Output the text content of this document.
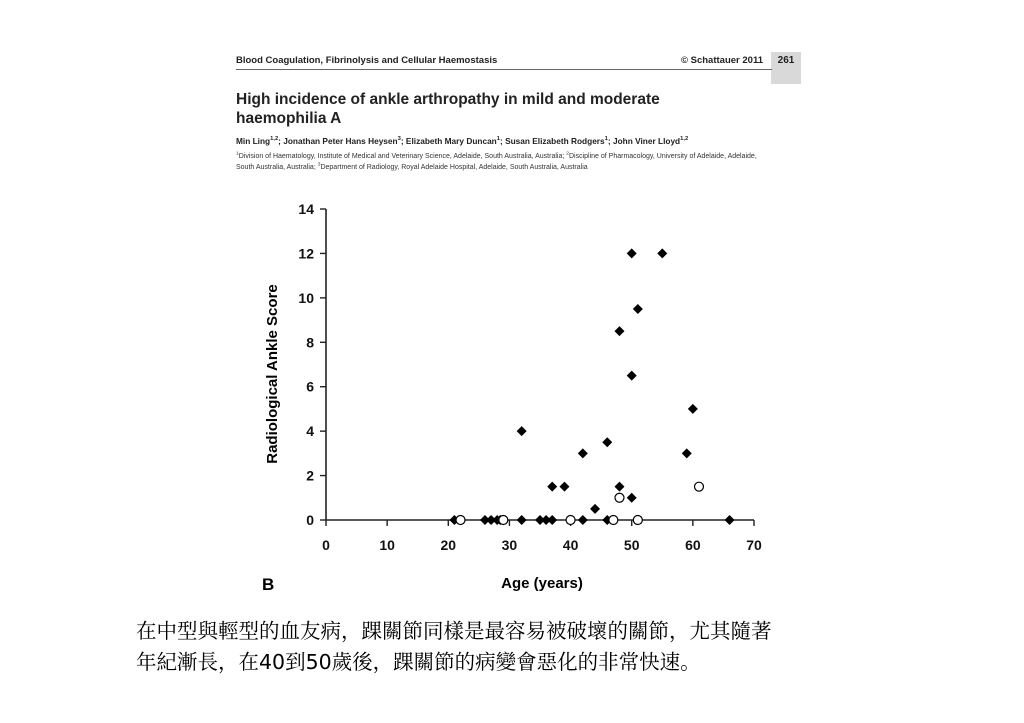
Blood Coagulation, Fibrinolysis and Cellular Haemostasis	© Schattauer 2011	261
High incidence of ankle arthropathy in mild and moderate
haemophilia A
Min Ling$^{1,2}$; Jonathan Peter Hans Heysen$^3$; Elizabeth Mary Duncan$^1$; Susan Elizabeth Rodgers$^1$; John Viner Lloyd$^{1,2}$
$^1$Division of Haematology, Institute of Medical and Veterinary Science, Adelaide, South Australia, Australia; $^2$Discipline of Pharmacology, University of Adelaide, Adelaide, South Australia, Australia; $^3$Department of Radiology, Royal Adelaide Hospital, Adelaide, South Australia, Australia
0	10	20	30	40	50	60	70
0
2
4
6
8
10
12
14
B	Age (years)
Radiological Ankle Score
在中型與輕型的血友病，踝關節同樣是最容易被破壞的關節，尤其隨著
年紀漸長，在40到50歲後，踝關節的病變會惡化的非常快速。
